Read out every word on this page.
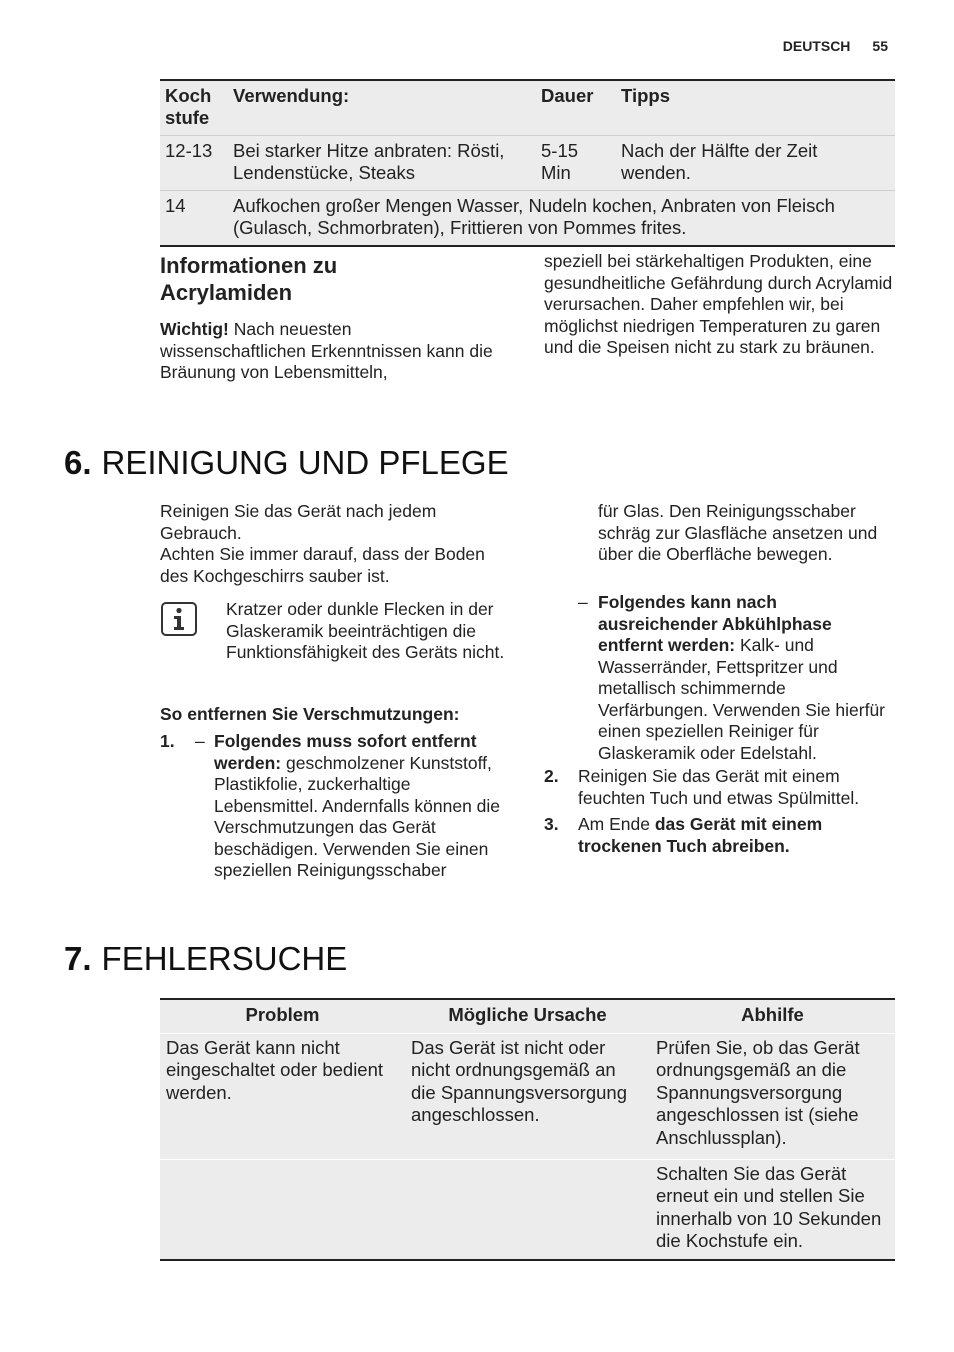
DEUTSCH 55
Koch stufe	Verwendung:	Dauer	Tipps
12-13	Bei starker Hitze anbraten: Rösti, Lendenstücke, Steaks	5-15 Min	Nach der Hälfte der Zeit wenden.
14	Aufkochen großer Mengen Wasser, Nudeln kochen, Anbraten von Fleisch (Gulasch, Schmorbraten), Frittieren von Pommes frites.		
Informationen zu Acrylamiden
Wichtig! Nach neuesten wissenschaftlichen Erkenntnissen kann die Bräunung von Lebensmitteln,
speziell bei stärkehaltigen Produkten, eine gesundheitliche Gefährdung durch Acrylamid verursachen. Daher empfehlen wir, bei möglichst niedrigen Temperaturen zu garen und die Speisen nicht zu stark zu bräunen.
6. REINIGUNG UND PFLEGE
Reinigen Sie das Gerät nach jedem Gebrauch.
Achten Sie immer darauf, dass der Boden des Kochgeschirrs sauber ist.
Kratzer oder dunkle Flecken in der Glaskeramik beeinträchtigen die Funktionsfähigkeit des Geräts nicht.
So entfernen Sie Verschmutzungen:
1. – Folgendes muss sofort entfernt werden: geschmolzener Kunststoff, Plastikfolie, zuckerhaltige Lebensmittel. Andernfalls können die Verschmutzungen das Gerät beschädigen. Verwenden Sie einen speziellen Reinigungsschaber
für Glas. Den Reinigungsschaber schräg zur Glasfläche ansetzen und über die Oberfläche bewegen.
– Folgendes kann nach ausreichender Abkühlphase entfernt werden: Kalk- und Wasserränder, Fettspritzer und metallisch schimmernde Verfärbungen. Verwenden Sie hierfür einen speziellen Reiniger für Glaskeramik oder Edelstahl.
2. Reinigen Sie das Gerät mit einem feuchten Tuch und etwas Spülmittel.
3. Am Ende das Gerät mit einem trockenen Tuch abreiben.
7. FEHLERSUCHE
Problem	Mögliche Ursache	Abhilfe
Das Gerät kann nicht eingeschaltet oder bedient werden.	Das Gerät ist nicht oder nicht ordnungsgemäß an die Spannungsversorgung angeschlossen.	Prüfen Sie, ob das Gerät ordnungsgemäß an die Spannungsversorgung angeschlossen ist (siehe Anschlussplan).
		Schalten Sie das Gerät erneut ein und stellen Sie innerhalb von 10 Sekunden die Kochstufe ein.
